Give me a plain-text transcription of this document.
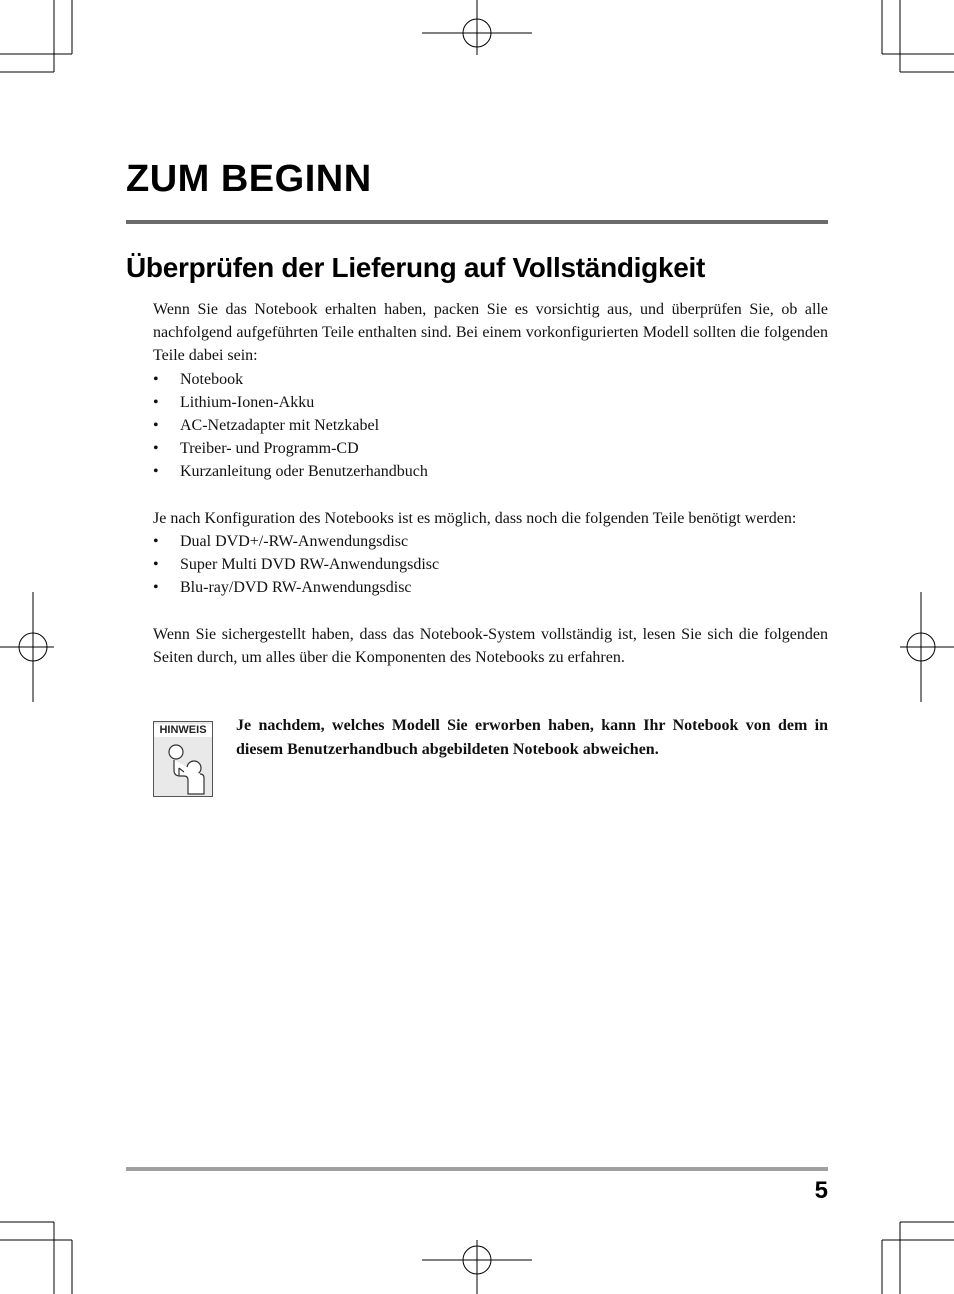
ZUM BEGINN
Überprüfen der Lieferung auf Vollständigkeit

Wenn Sie das Notebook erhalten haben, packen Sie es vorsichtig aus, und überprüfen Sie, ob alle nachfolgend aufgeführten Teile enthalten sind. Bei einem vorkonfigurierten Modell sollten die folgenden Teile dabei sein:

• Notebook
• Lithium-Ionen-Akku
• AC-Netzadapter mit Netzkabel
• Treiber- und Programm-CD
• Kurzanleitung oder Benutzerhandbuch

Je nach Konfiguration des Notebooks ist es möglich, dass noch die folgenden Teile benötigt werden:

• Dual DVD+/-RW-Anwendungsdisc
• Super Multi DVD RW-Anwendungsdisc
• Blu-ray/DVD RW-Anwendungsdisc

Wenn Sie sichergestellt haben, dass das Notebook-System vollständig ist, lesen Sie sich die folgenden Seiten durch, um alles über die Komponenten des Notebooks zu erfahren.

HINWEIS	Je nachdem, welches Modell Sie erworben haben, kann Ihr Notebook von dem in diesem Benutzerhandbuch abgebildeten Notebook abweichen.

5
